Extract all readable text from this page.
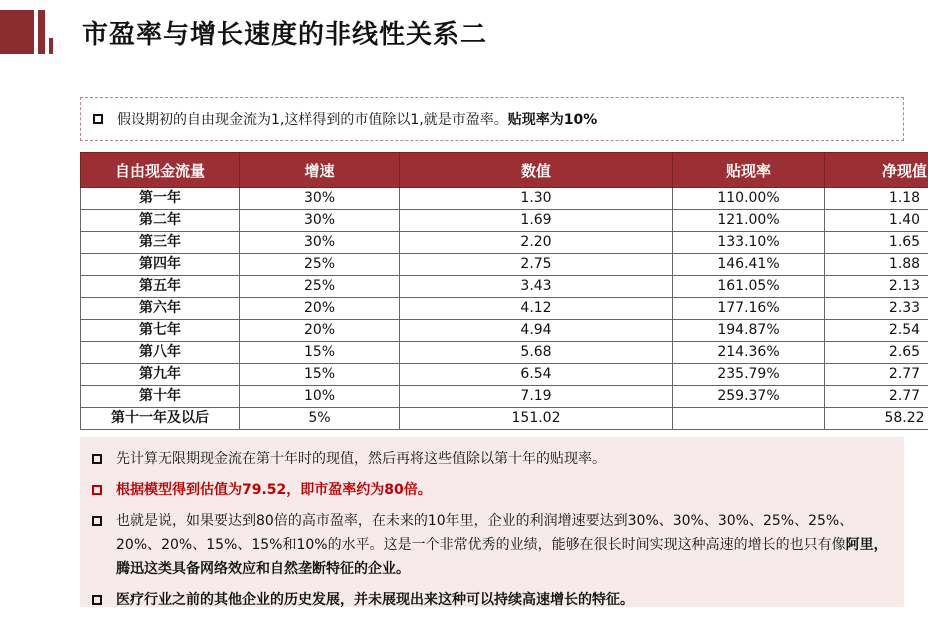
市盈率与增长速度的非线性关系二
假设期初的自由现金流为1,这样得到的市值除以1,就是市盈率。贴现率为10%
自由现金流量	增速	数值	贴现率	净现值
第一年	30%	1.30	110.00%	1.18
第二年	30%	1.69	121.00%	1.40
第三年	30%	2.20	133.10%	1.65
第四年	25%	2.75	146.41%	1.88
第五年	25%	3.43	161.05%	2.13
第六年	20%	4.12	177.16%	2.33
第七年	20%	4.94	194.87%	2.54
第八年	15%	5.68	214.36%	2.65
第九年	15%	6.54	235.79%	2.77
第十年	10%	7.19	259.37%	2.77
第十一年及以后	5%	151.02		58.22
先计算无限期现金流在第十年时的现值，然后再将这些值除以第十年的贴现率。
根据模型得到估值为79.52，即市盈率约为80倍。
也就是说，如果要达到80倍的高市盈率，在未来的10年里，企业的利润增速要达到30%、30%、30%、25%、25%、20%、20%、15%、15%和10%的水平。这是一个非常优秀的业绩，能够在很长时间实现这种高速的增长的也只有像阿里，腾迅这类具备网络效应和自然垄断特征的企业。
医疗行业之前的其他企业的历史发展，并未展现出来这种可以持续高速增长的特征。
